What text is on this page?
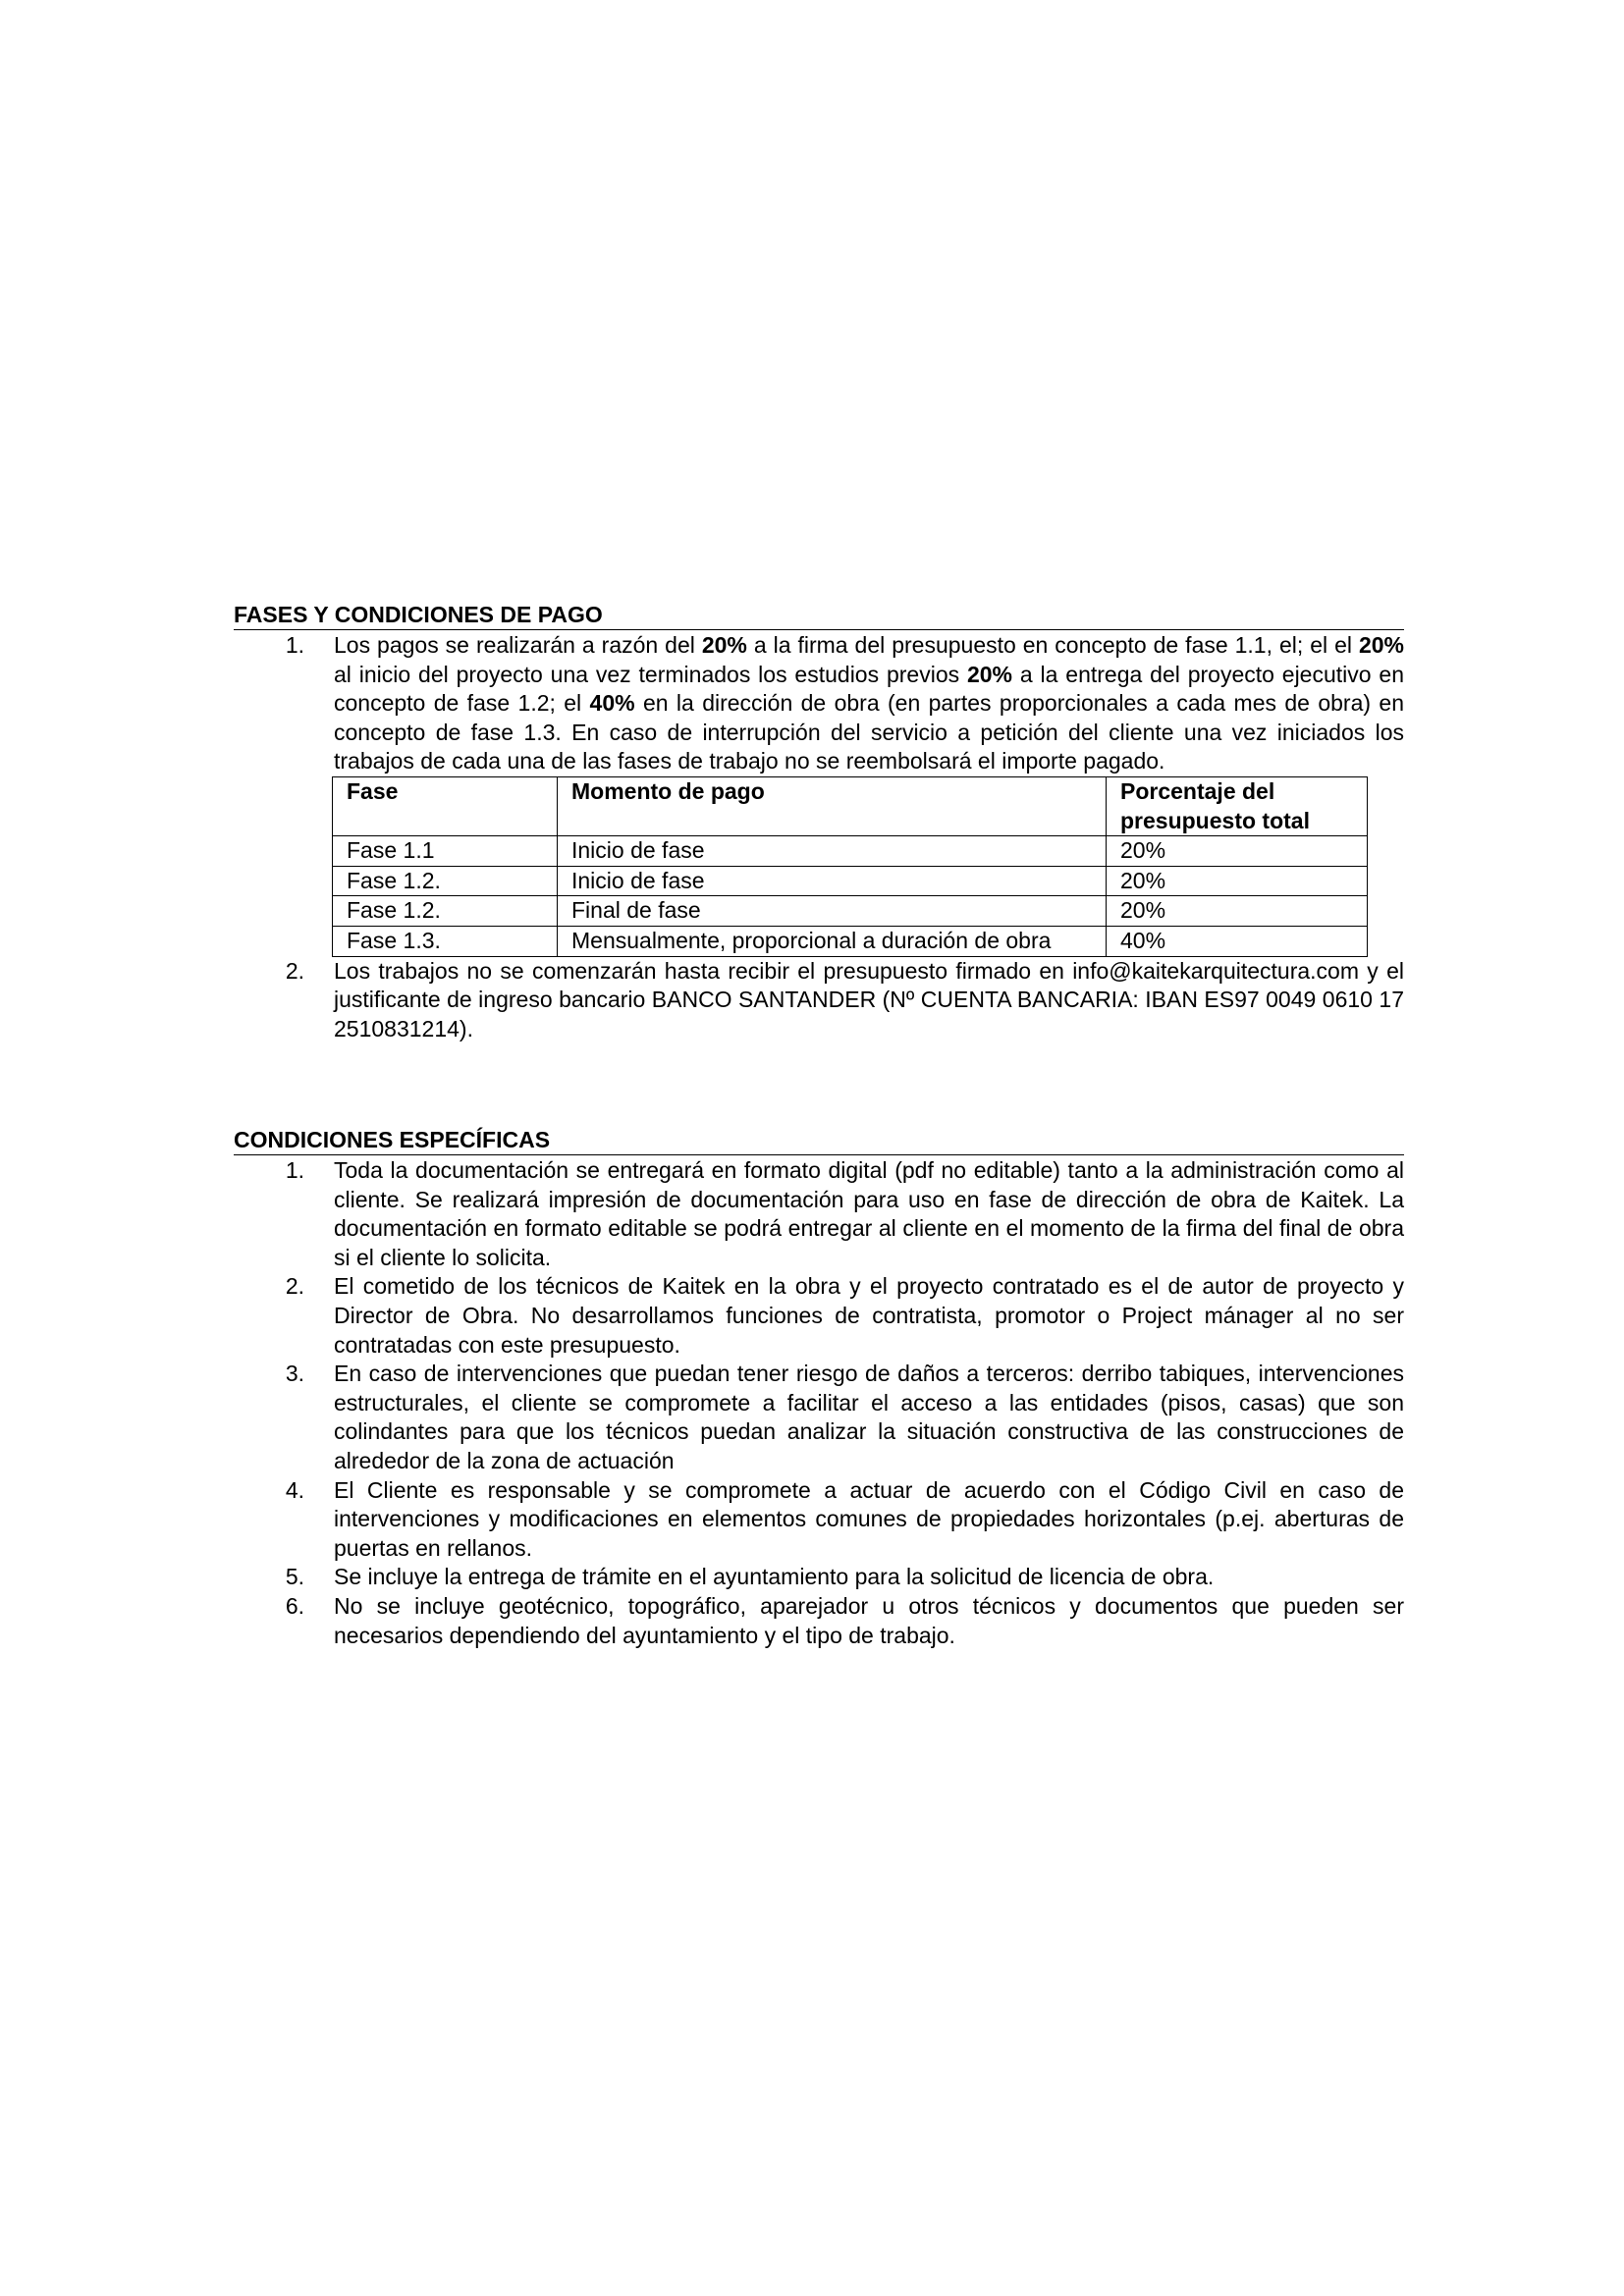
FASES Y CONDICIONES DE PAGO
1. Los pagos se realizarán a razón del 20% a la firma del presupuesto en concepto de fase 1.1, el; el el 20% al inicio del proyecto una vez terminados los estudios previos 20% a la entrega del proyecto ejecutivo en concepto de fase 1.2; el 40% en la dirección de obra (en partes proporcionales a cada mes de obra) en concepto de fase 1.3. En caso de interrupción del servicio a petición del cliente una vez iniciados los trabajos de cada una de las fases de trabajo no se reembolsará el importe pagado.
Fase	Momento de pago	Porcentaje del presupuesto total
Fase 1.1	Inicio de fase	20%
Fase 1.2.	Inicio de fase	20%
Fase 1.2.	Final de fase	20%
Fase 1.3.	Mensualmente, proporcional a duración de obra	40%
2. Los trabajos no se comenzarán hasta recibir el presupuesto firmado en info@kaitekarquitectura.com y el justificante de ingreso bancario BANCO SANTANDER (Nº CUENTA BANCARIA: IBAN ES97 0049 0610 17 2510831214).
CONDICIONES ESPECÍFICAS
1. Toda la documentación se entregará en formato digital (pdf no editable) tanto a la administración como al cliente. Se realizará impresión de documentación para uso en fase de dirección de obra de Kaitek. La documentación en formato editable se podrá entregar al cliente en el momento de la firma del final de obra si el cliente lo solicita.
2. El cometido de los técnicos de Kaitek en la obra y el proyecto contratado es el de autor de proyecto y Director de Obra. No desarrollamos funciones de contratista, promotor o Project mánager al no ser contratadas con este presupuesto.
3. En caso de intervenciones que puedan tener riesgo de daños a terceros: derribo tabiques, intervenciones estructurales, el cliente se compromete a facilitar el acceso a las entidades (pisos, casas) que son colindantes para que los técnicos puedan analizar la situación constructiva de las construcciones de alrededor de la zona de actuación
4. El Cliente es responsable y se compromete a actuar de acuerdo con el Código Civil en caso de intervenciones y modificaciones en elementos comunes de propiedades horizontales (p.ej. aberturas de puertas en rellanos.
5. Se incluye la entrega de trámite en el ayuntamiento para la solicitud de licencia de obra.
6. No se incluye geotécnico, topográfico, aparejador u otros técnicos y documentos que pueden ser necesarios dependiendo del ayuntamiento y el tipo de trabajo.
